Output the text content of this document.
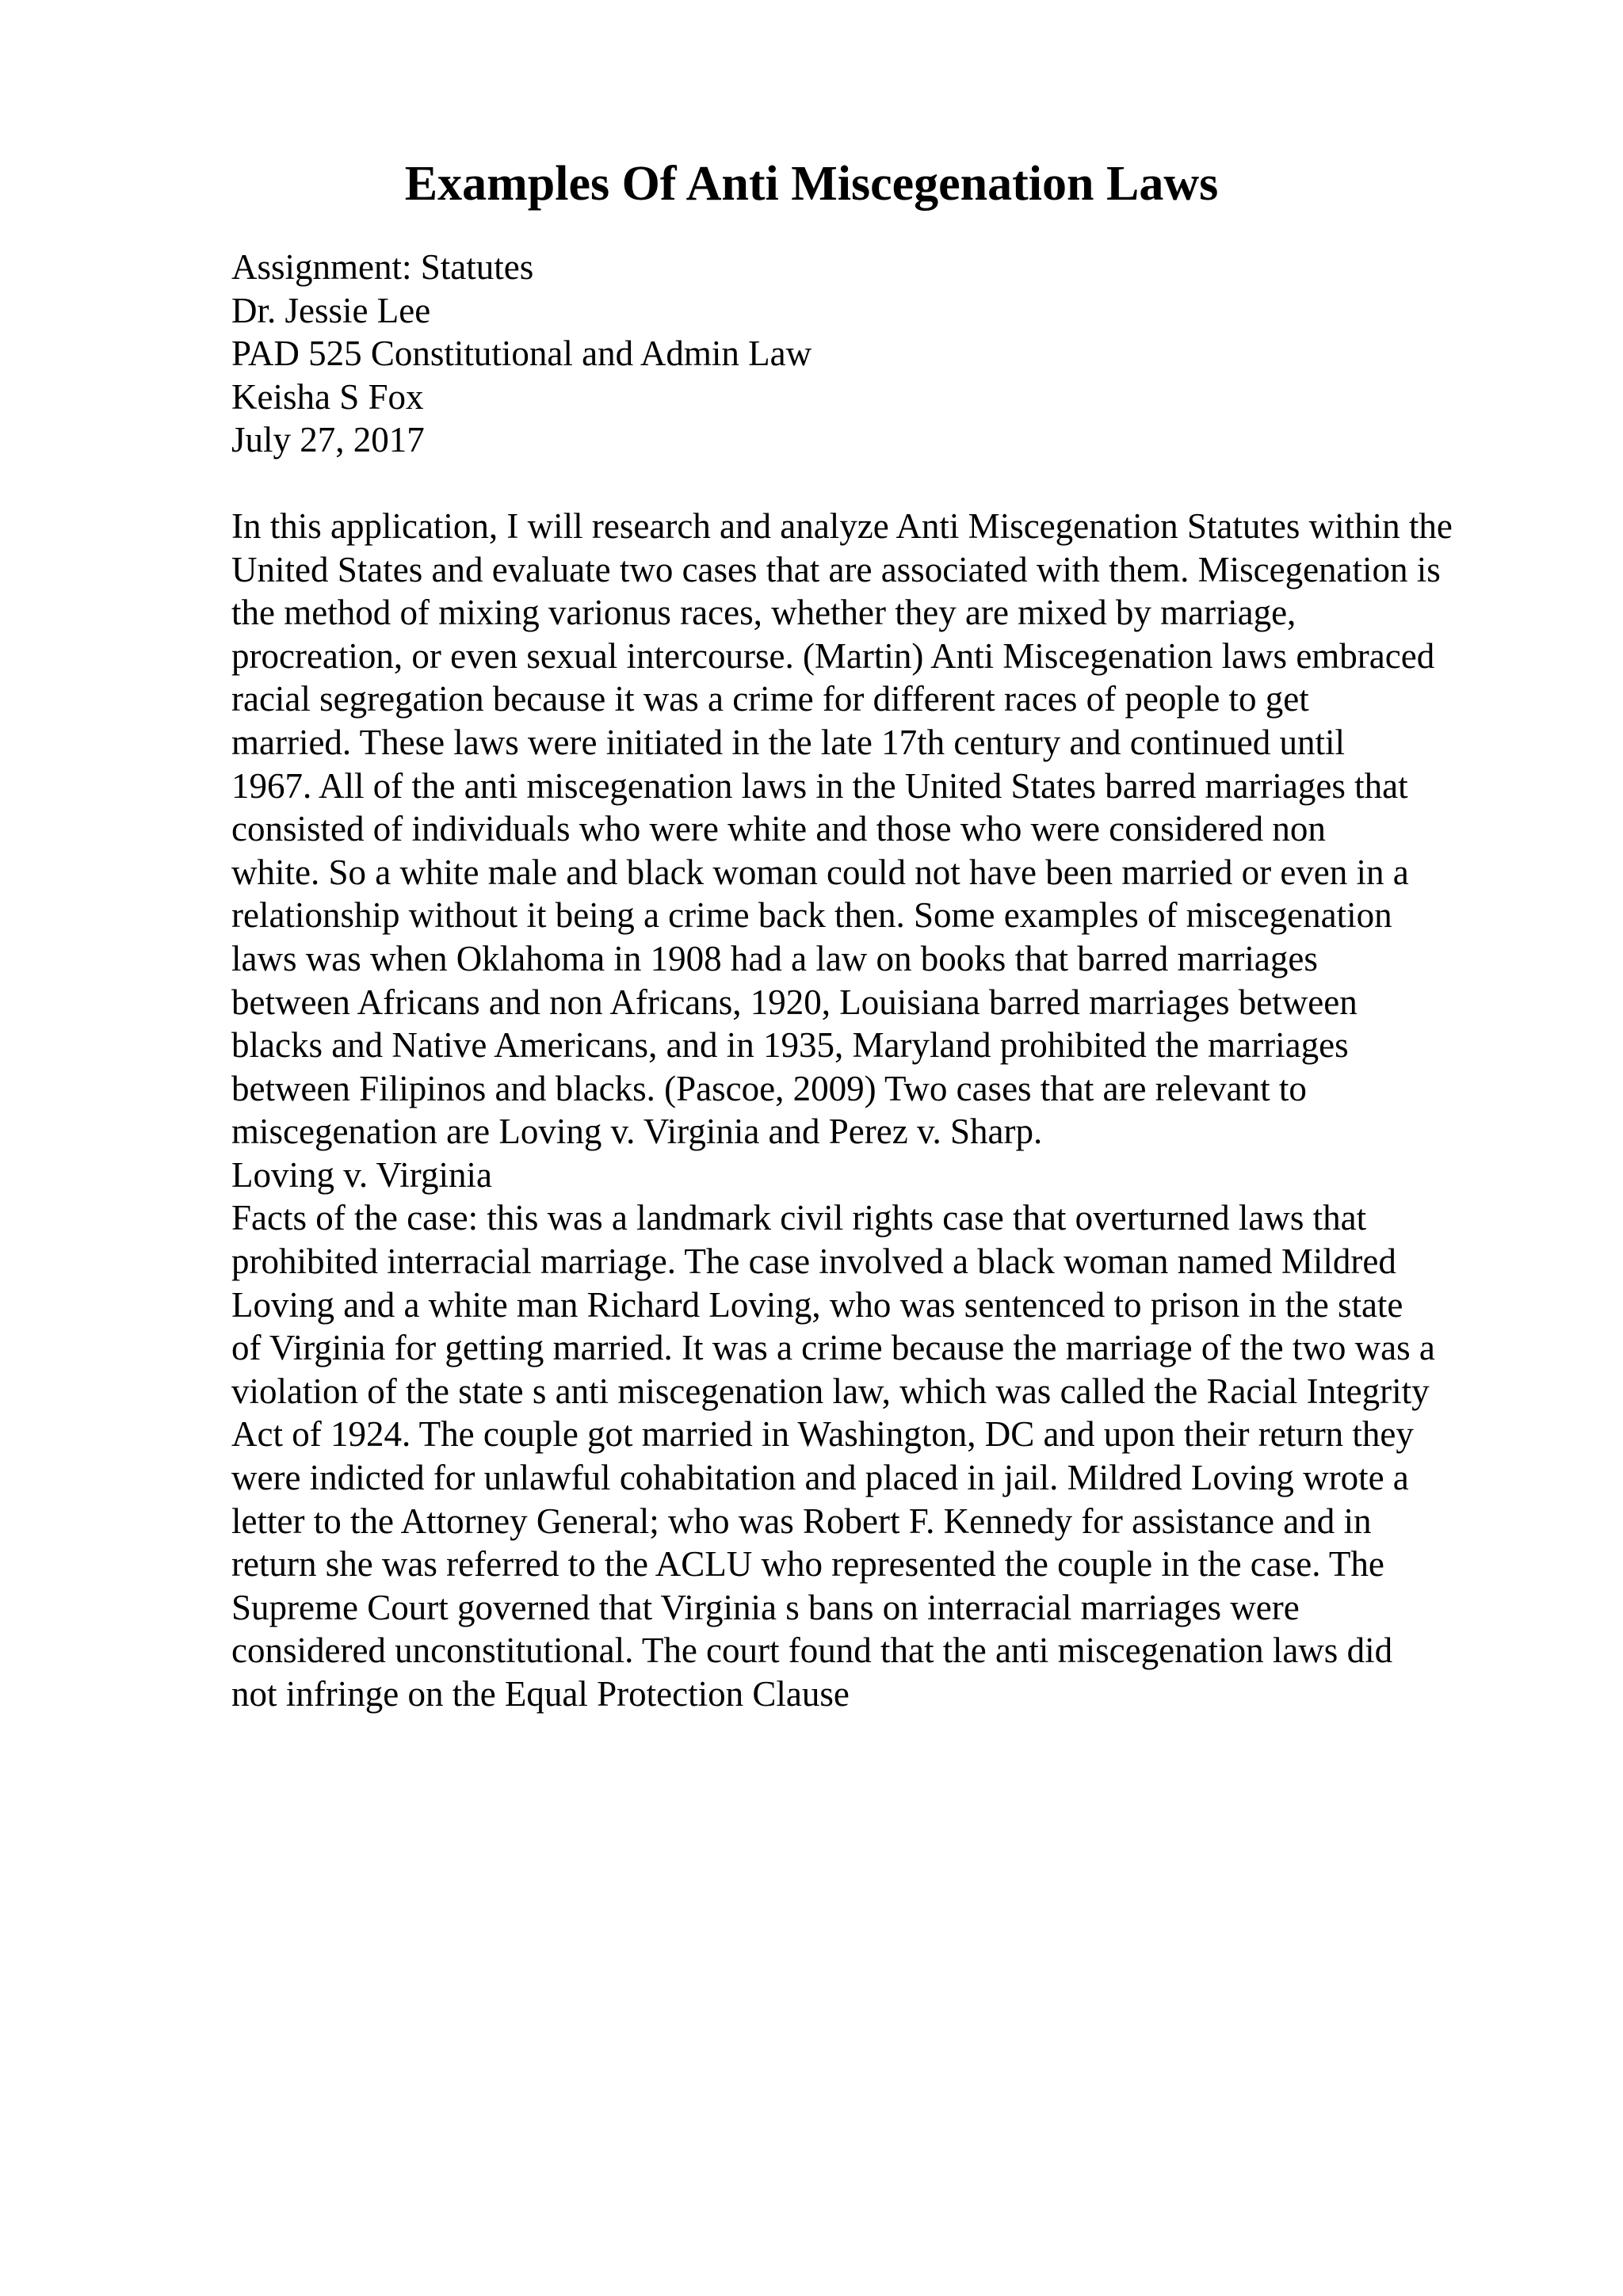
Examples Of Anti Miscegenation Laws
Assignment: Statutes
Dr. Jessie Lee
PAD 525 Constitutional and Admin Law
Keisha S Fox
July 27, 2017
In this application, I will research and analyze Anti Miscegenation Statutes within the
United States and evaluate two cases that are associated with them. Miscegenation is
the method of mixing varionus races, whether they are mixed by marriage,
procreation, or even sexual intercourse. (Martin) Anti Miscegenation laws embraced
racial segregation because it was a crime for different races of people to get
married. These laws were initiated in the late 17th century and continued until
1967. All of the anti miscegenation laws in the United States barred marriages that
consisted of individuals who were white and those who were considered non
white. So a white male and black woman could not have been married or even in a
relationship without it being a crime back then. Some examples of miscegenation
laws was when Oklahoma in 1908 had a law on books that barred marriages
between Africans and non Africans, 1920, Louisiana barred marriages between
blacks and Native Americans, and in 1935, Maryland prohibited the marriages
between Filipinos and blacks. (Pascoe, 2009) Two cases that are relevant to
miscegenation are Loving v. Virginia and Perez v. Sharp.
Loving v. Virginia
Facts of the case: this was a landmark civil rights case that overturned laws that
prohibited interracial marriage. The case involved a black woman named Mildred
Loving and a white man Richard Loving, who was sentenced to prison in the state
of Virginia for getting married. It was a crime because the marriage of the two was a
violation of the state s anti miscegenation law, which was called the Racial Integrity
Act of 1924. The couple got married in Washington, DC and upon their return they
were indicted for unlawful cohabitation and placed in jail. Mildred Loving wrote a
letter to the Attorney General; who was Robert F. Kennedy for assistance and in
return she was referred to the ACLU who represented the couple in the case. The
Supreme Court governed that Virginia s bans on interracial marriages were
considered unconstitutional. The court found that the anti miscegenation laws did
not infringe on the Equal Protection Clause
